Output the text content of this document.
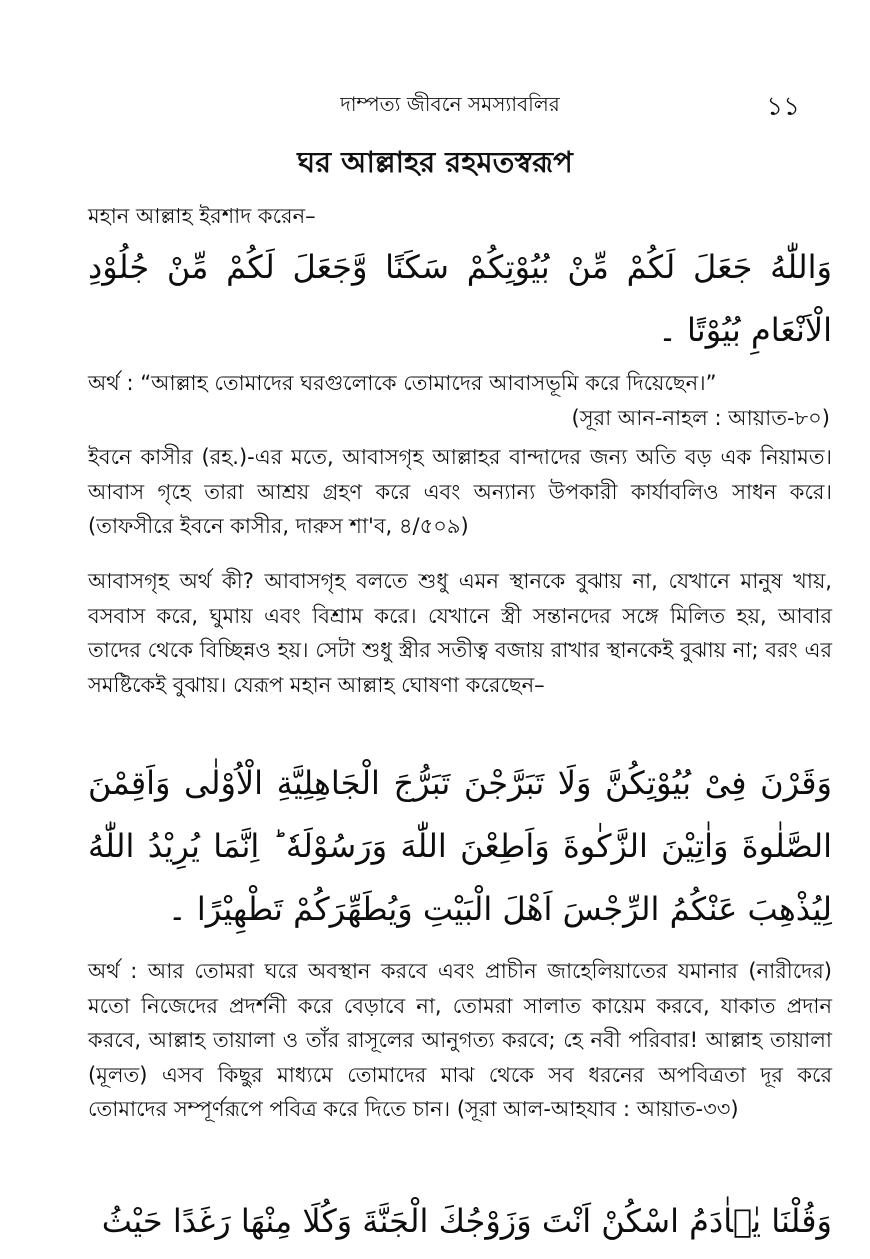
দাম্পত্য জীবনে সমস্যাবলির	১১
ঘর আল্লাহর রহমতস্বরূপ
মহান আল্লাহ ইরশাদ করেন–
وَاللّٰهُ جَعَلَ لَكُمْ مِّنْ بُيُوْتِكُمْ سَكَنًا وَّجَعَلَ لَكُمْ مِّنْ جُلُوْدِ الْاَنْعَامِ بُيُوْتًا ۔
অর্থ : “আল্লাহ তোমাদের ঘরগুলোকে তোমাদের আবাসভূমি করে দিয়েছেন।”
(সূরা আন-নাহল : আয়াত-৮০)
ইবনে কাসীর (রহ.)-এর মতে, আবাসগৃহ আল্লাহর বান্দাদের জন্য অতি বড় এক নিয়ামত। আবাস গৃহে তারা আশ্রয় গ্রহণ করে এবং অন্যান্য উপকারী কার্যাবলিও সাধন করে। (তাফসীরে ইবনে কাসীর, দারুস শা'ব, ৪/৫০৯)
আবাসগৃহ অর্থ কী? আবাসগৃহ বলতে শুধু এমন স্থানকে বুঝায় না, যেখানে মানুষ খায়, বসবাস করে, ঘুমায় এবং বিশ্রাম করে। যেখানে স্ত্রী সন্তানদের সঙ্গে মিলিত হয়, আবার তাদের থেকে বিচ্ছিন্নও হয়। সেটা শুধু স্ত্রীর সতীত্ব বজায় রাখার স্থানকেই বুঝায় না; বরং এর সমষ্টিকেই বুঝায়। যেরূপ মহান আল্লাহ ঘোষণা করেছেন–
وَقَرْنَ فِىْ بُيُوْتِكُنَّ وَلَا تَبَرَّجْنَ تَبَرُّجَ الْجَاهِلِيَّةِ الْاُوْلٰى وَاَقِمْنَ الصَّلٰوةَ وَاٰتِيْنَ الزَّكٰوةَ وَاَطِعْنَ اللّٰهَ وَرَسُوْلَهٗ ؕ اِنَّمَا يُرِيْدُ اللّٰهُ لِيُذْهِبَ عَنْكُمُ الرِّجْسَ اَهْلَ الْبَيْتِ وَيُطَهِّرَكُمْ تَطْهِيْرًا ۔
অর্থ : আর তোমরা ঘরে অবস্থান করবে এবং প্রাচীন জাহেলিয়াতের যমানার (নারীদের) মতো নিজেদের প্রদর্শনী করে বেড়াবে না, তোমরা সালাত কায়েম করবে, যাকাত প্রদান করবে, আল্লাহ তায়ালা ও তাঁর রাসূলের আনুগত্য করবে; হে নবী পরিবার! আল্লাহ তায়ালা (মূলত) এসব কিছুর মাধ্যমে তোমাদের মাঝ থেকে সব ধরনের অপবিত্রতা দূর করে তোমাদের সম্পূর্ণরূপে পবিত্র করে দিতে চান। (সূরা আল-আহযাব : আয়াত-৩৩)
وَقُلْنَا يٰۤاٰدَمُ اسْكُنْ اَنْتَ وَزَوْجُكَ الْجَنَّةَ وَكُلَا مِنْهَا رَغَدًا حَيْثُ
